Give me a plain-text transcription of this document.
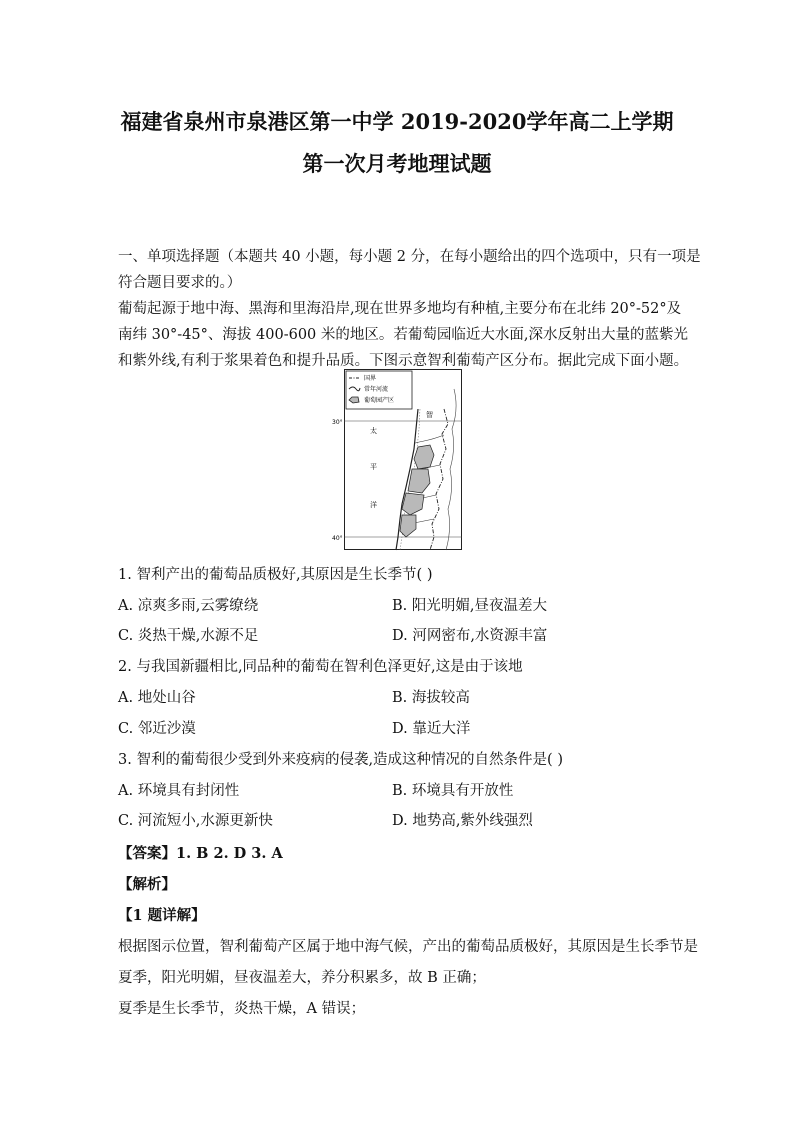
福建省泉州市泉港区第一中学 2019-2020学年高二上学期
第一次月考地理试题
一、单项选择题（本题共 40 小题，每小题 2 分，在每小题给出的四个选项中，只有一项是
符合题目要求的。）
葡萄起源于地中海、黑海和里海沿岸,现在世界多地均有种植,主要分布在北纬 20°-52°及
南纬 30°-45°、海拔 400-600 米的地区。若葡萄园临近大水面,深水反射出大量的蓝紫光
和紫外线,有利于浆果着色和提升品质。下图示意智利葡萄产区分布。据此完成下面小题。
国界
常年河流
葡萄园产区
30°
40°
太
平
洋
智
1. 智利产出的葡萄品质极好,其原因是生长季节( )
A. 凉爽多雨,云雾缭绕	B. 阳光明媚,昼夜温差大
C. 炎热干燥,水源不足	D. 河网密布,水资源丰富
2. 与我国新疆相比,同品种的葡萄在智利色泽更好,这是由于该地
A. 地处山谷	B. 海拔较高
C. 邻近沙漠	D. 靠近大洋
3. 智利的葡萄很少受到外来疫病的侵袭,造成这种情况的自然条件是( )
A. 环境具有封闭性	B. 环境具有开放性
C. 河流短小,水源更新快	D. 地势高,紫外线强烈
【答案】1. B 2. D 3. A
【解析】
【1 题详解】
根据图示位置，智利葡萄产区属于地中海气候，产出的葡萄品质极好，其原因是生长季节是
夏季，阳光明媚，昼夜温差大，养分积累多，故 B 正确；
夏季是生长季节，炎热干燥，A 错误；
